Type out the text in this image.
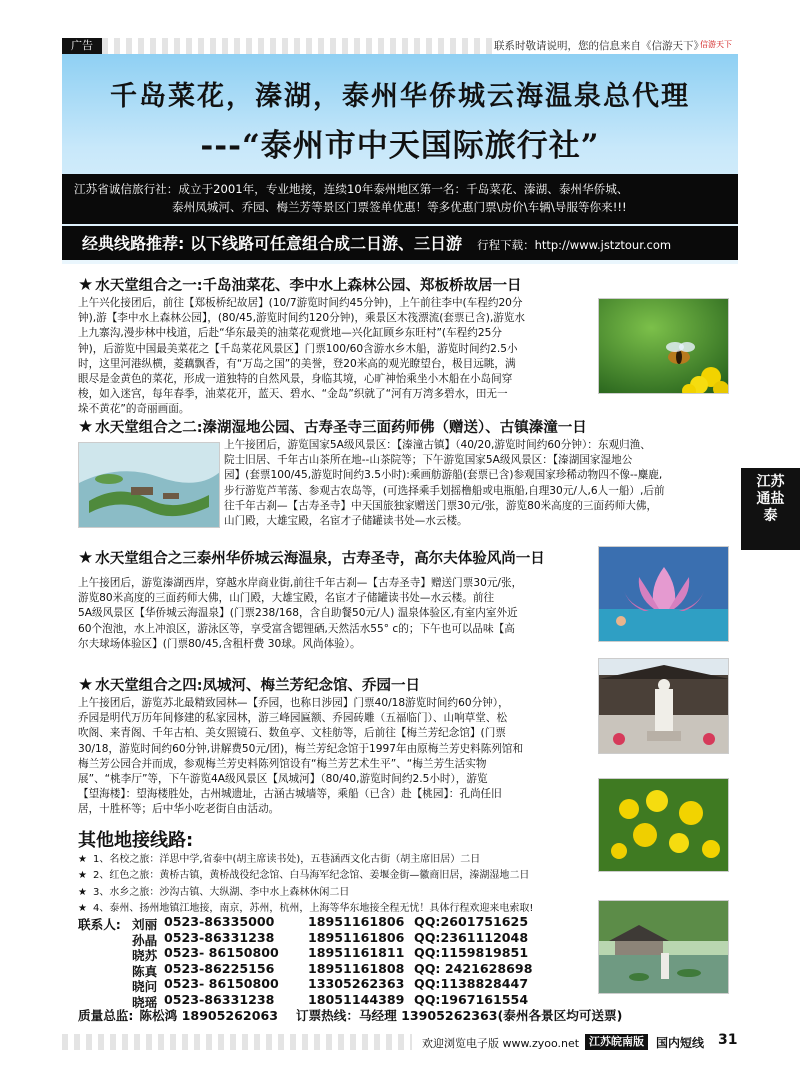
广告	联系时敬请说明，您的信息来自《信游天下》
信游天下
千岛菜花，溱湖，泰州华侨城云海温泉总代理
---“泰州市中天国际旅行社”
江苏省诚信旅行社：成立于2001年，专业地接，连续10年泰州地区第一名：千岛菜花、溱湖、泰州华侨城、
泰州凤城河、乔园、梅兰芳等景区门票签单优惠！等多优惠门票\房价\车辆\导服等你来!!!
经典线路推荐: 以下线路可任意组合成二日游、三日游 行程下载：http://www.jstztour.com
★ 水天堂组合之一:千岛油菜花、李中水上森林公园、郑板桥故居一日
上午兴化接团后，前往【郑板桥纪故居】(10/7游览时间约45分钟)，上午前往李中(车程约20分
钟),游【李中水上森林公园】，(80/45,游览时间约120分钟)，乘景区木筏漂流(套票已含),游览水
上九寨沟,漫步林中栈道，后赴“华东最美的油菜花观赏地—兴化缸顾乡东旺村”(车程约25分
钟)，后游览中国最美菜花之【千岛菜花风景区】门票100/60含游水乡木船，游览时间约2.5小
时，这里河港纵横，菱藕飘香，有“万岛之国”的美誉，登20米高的观光瞭望台，极目远眺，满
眼尽是金黄色的菜花，形成一道独特的自然风景，身临其境，心旷神怡乘坐小木船在小岛间穿
梭，如入迷宫，每年春季，油菜花开，蓝天、碧水、“金岛”织就了“河有万湾多碧水，田无一
垛不黄花”的奇丽画面。
★ 水天堂组合之二:溱湖湿地公园、古寿圣寺三面药师佛（赠送）、古镇溱潼一日
上午接团后，游览国家5A级风景区：【溱潼古镇】（40/20,游览时间约60分钟）：东观归渔、
院士旧居、千年古山茶所在地--山茶院等；下午游览国家5A级风景区：【溱湖国家湿地公
园】(套票100/45,游览时间约3.5小时):乘画舫游船(套票已含)参观国家珍稀动物四不像--麋鹿,
步行游览芦苇荡、参观古农岛等，(可选择乘手划摇橹船或电瓶船,自理30元/人,6人一船）,后前
往千年古刹—【古寿圣寺】中天国旅独家赠送门票30元/张，游览80米高度的三面药师大佛，
山门殿，大雄宝殿，名宦才子储罐读书处—水云楼。
江苏通盐泰
★ 水天堂组合之三泰州华侨城云海温泉，古寿圣寺，高尔夫体验风尚一日
上午接团后，游览溱湖西岸，穿越水岸商业街,前往千年古刹—【古寿圣寺】赠送门票30元/张，
游览80米高度的三面药师大佛，山门殿，大雄宝殿，名宦才子储罐读书处—水云楼。前往
5A级风景区【华侨城云海温泉】(门票238/168，含自助餐50元/人) 温泉体验区,有室内室外近
60个泡池，水上冲浪区，游泳区等，享受富含锶锂硒,天然活水55° c的；下午也可以品味【高
尔夫球场体验区】(门票80/45,含租杆费 30球。风尚体验）。
★ 水天堂组合之四:凤城河、梅兰芳纪念馆、乔园一日
上午接团后，游览苏北最精致园林—【乔园，也称日涉园】门票40/18游览时间约60分钟），
乔园是明代万历年间修建的私家园林，游三峰园匾额、乔园砖雕（五福临门）、山响草堂、松
吹阁、来青阁、千年古柏、美女照镜石、数鱼亭、文桂舫等，后前往【梅兰芳纪念馆】(门票
30/18，游览时间约60分钟,讲解费50元/团)，梅兰芳纪念馆于1997年由原梅兰芳史料陈列馆和
梅兰芳公园合并而成，参观梅兰芳史料陈列馆设有“梅兰芳艺术生平”、“梅兰芳生活实物
展”、“桃李厅”等，下午游览4A级风景区【凤城河】（80/40,游览时间约2.5小时），游览
【望海楼】：望海楼胜处，古州城遗址，古涵古城墙等，乘船（已含）赴【桃园】：孔尚任旧
居，十胜杯等；后中华小吃老街自由活动。
其他地接线路:
★ 1、名校之旅：洋思中学,省泰中(胡主席读书处)，五巷涵西文化古街（胡主席旧居）二日
★ 2、红色之旅：黄桥古镇，黄桥战役纪念馆、白马海军纪念馆、姜堰金街—徽商旧居，溱湖湿地二日
★ 3、水乡之旅：沙沟古镇、大纵湖、李中水上森林休闲二日
★ 4、泰州、扬州地镇江地接，南京，苏州，杭州，上海等华东地接全程无忧！具体行程欢迎来电索取!
联系人: 刘丽 0523-86335000	18951161806 QQ:2601751625
孙晶 0523-86331238	18951161806 QQ:2361112048
晓苏 0523- 86150800 18951161811 QQ:1159819851
陈真 0523-86225156	18951161808 QQ: 2421628698
晓问 0523- 86150800 13305262363 QQ:1138828447
晓瑶 0523-86331238	18051144389 QQ:1967161554
质量总监: 陈松鸿 18905262063 订票热线：马经理 13905262363(泰州各景区均可送票)
欢迎浏览电子版 www.zyoo.net 江苏皖南版	国内短线 31
